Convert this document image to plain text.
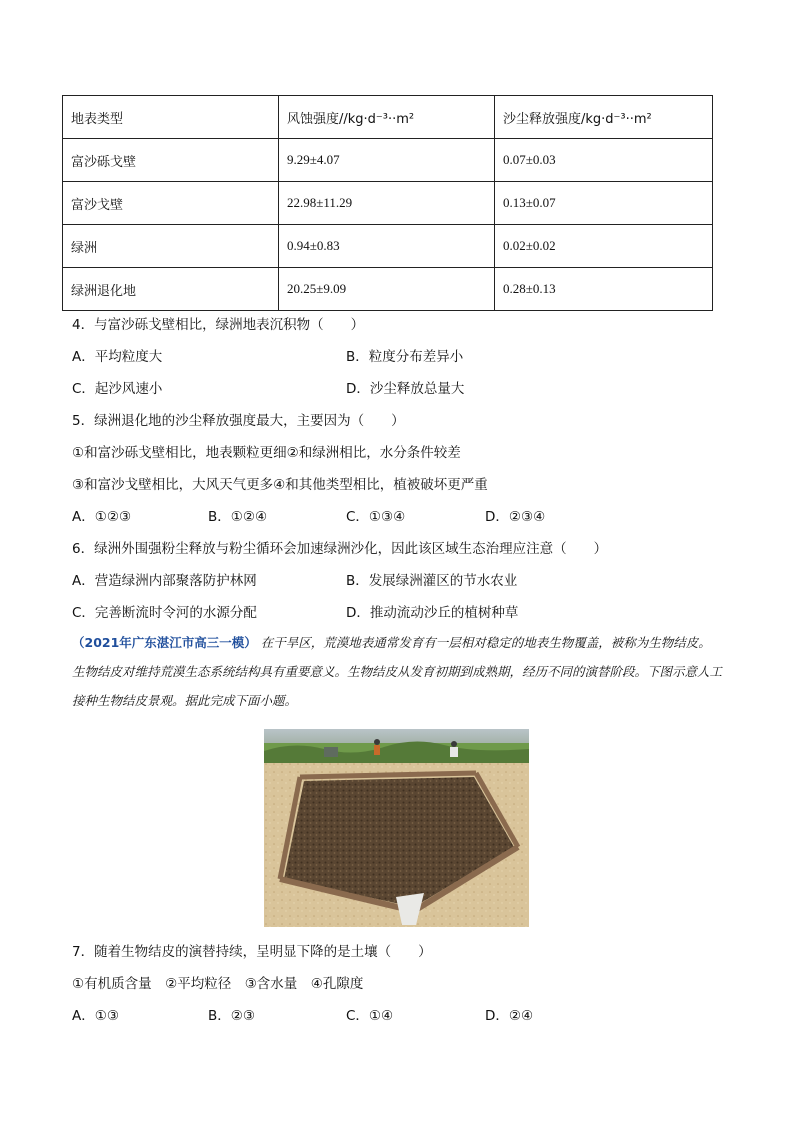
地表类型	风蚀强度//kg·d⁻³··m²	沙尘释放强度/kg·d⁻³··m²
富沙砾戈壁	9.29±4.07	0.07±0.03
富沙戈壁	22.98±11.29	0.13±0.07
绿洲	0.94±0.83	0.02±0.02
绿洲退化地	20.25±9.09	0.28±0.13
4．与富沙砾戈壁相比，绿洲地表沉积物（　　）
A．平均粒度大	B．粒度分布差异小
C．起沙风速小	D．沙尘释放总量大
5．绿洲退化地的沙尘释放强度最大，主要因为（　　）
①和富沙砾戈壁相比，地表颗粒更细②和绿洲相比，水分条件较差
③和富沙戈壁相比，大风天气更多④和其他类型相比，植被破坏更严重
A．①②③	B．①②④	C．①③④	D．②③④
6．绿洲外围强粉尘释放与粉尘循环会加速绿洲沙化，因此该区域生态治理应注意（　　）
A．营造绿洲内部聚落防护林网	B．发展绿洲灌区的节水农业
C．完善断流时令河的水源分配	D．推动流动沙丘的植树种草
（2021年广东湛江市高三一模） 在干旱区，荒漠地表通常发育有一层相对稳定的地表生物覆盖，被称为生物结皮。生物结皮对维持荒漠生态系统结构具有重要意义。生物结皮从发育初期到成熟期，经历不同的演替阶段。下图示意人工接种生物结皮景观。据此完成下面小题。
7．随着生物结皮的演替持续，呈明显下降的是土壤（　　）
①有机质含量　②平均粒径　③含水量　④孔隙度
A．①③	B．②③	C．①④	D．②④
